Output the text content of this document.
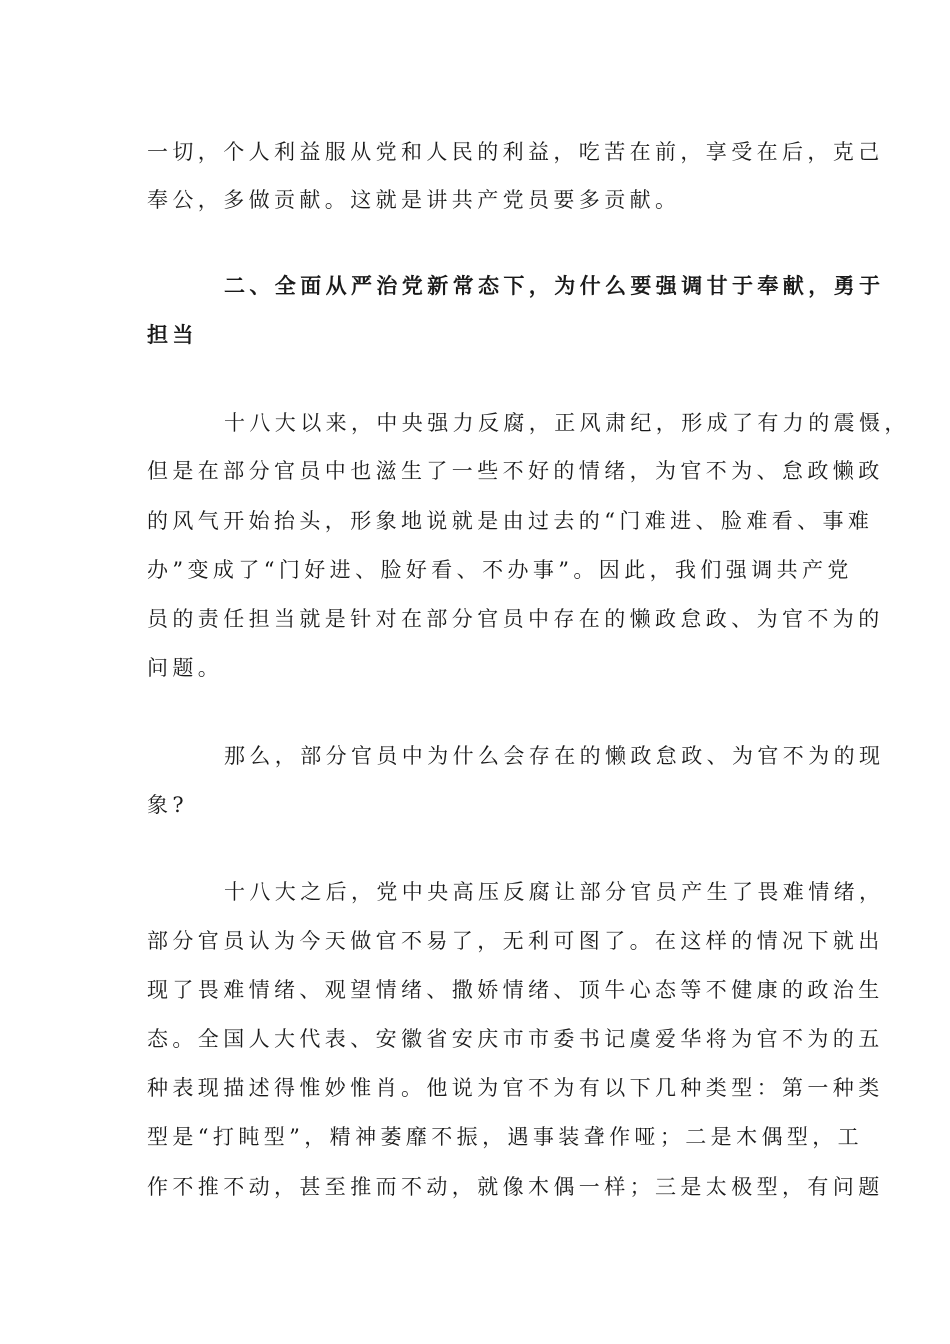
一切，个人利益服从党和人民的利益，吃苦在前，享受在后，克己

奉公，多做贡献。这就是讲共产党员要多贡献。

二、全面从严治党新常态下，为什么要强调甘于奉献，勇于

担当

十八大以来，中央强力反腐，正风肃纪，形成了有力的震慑，

但是在部分官员中也滋生了一些不好的情绪，为官不为、怠政懒政

的风气开始抬头，形象地说就是由过去的“门难进、脸难看、事难

办”变成了“门好进、脸好看、不办事”。因此，我们强调共产党

员的责任担当就是针对在部分官员中存在的懒政怠政、为官不为的

问题。

那么，部分官员中为什么会存在的懒政怠政、为官不为的现

象?

十八大之后，党中央高压反腐让部分官员产生了畏难情绪，

部分官员认为今天做官不易了，无利可图了。在这样的情况下就出

现了畏难情绪、观望情绪、撒娇情绪、顶牛心态等不健康的政治生

态。全国人大代表、安徽省安庆市市委书记虞爱华将为官不为的五

种表现描述得惟妙惟肖。他说为官不为有以下几种类型：第一种类

型是“打盹型”，精神萎靡不振，遇事装聋作哑；二是木偶型，工

作不推不动，甚至推而不动，就像木偶一样；三是太极型，有问题
